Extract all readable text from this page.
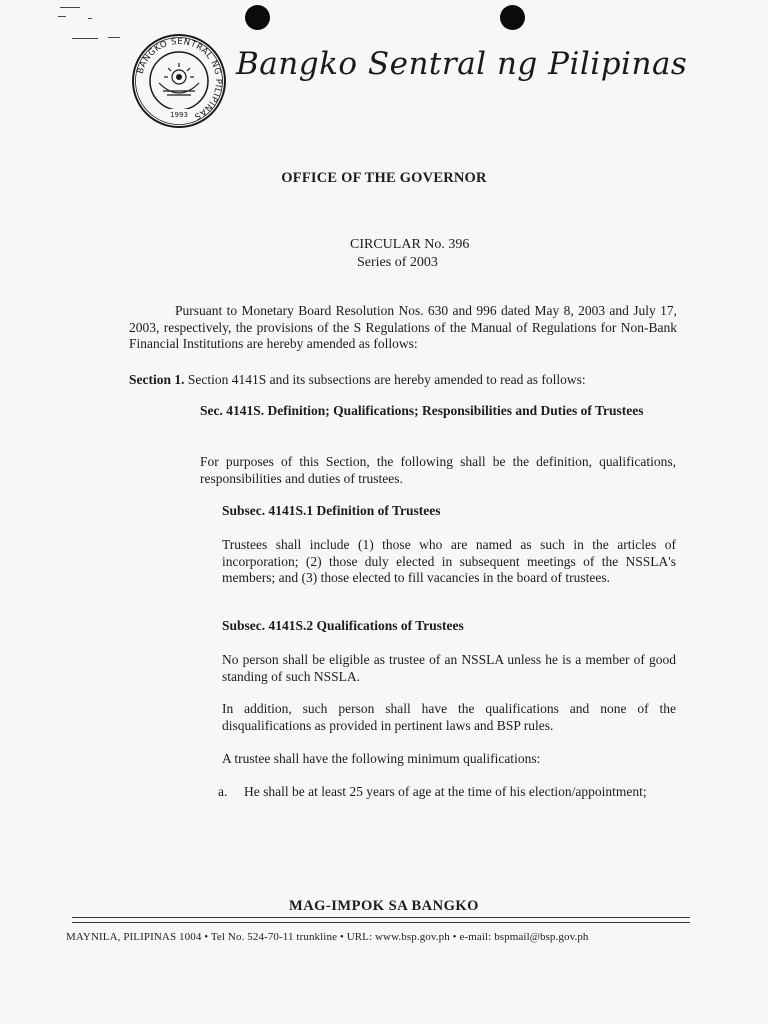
BANGKO SENTRAL NG PILIPINAS
1993
Bangko Sentral ng Pilipinas
OFFICE OF THE GOVERNOR
CIRCULAR No. 396
Series of 2003
Pursuant to Monetary Board Resolution Nos. 630 and 996 dated May 8, 2003 and July 17, 2003, respectively, the provisions of the S Regulations of the Manual of Regulations for Non-Bank Financial Institutions are hereby amended as follows:
Section 1. Section 4141S and its subsections are hereby amended to read as follows:
Sec. 4141S. Definition; Qualifications; Responsibilities and Duties of Trustees
For purposes of this Section, the following shall be the definition, qualifications, responsibilities and duties of trustees.
Subsec. 4141S.1 Definition of Trustees
Trustees shall include (1) those who are named as such in the articles of incorporation; (2) those duly elected in subsequent meetings of the NSSLA's members; and (3) those elected to fill vacancies in the board of trustees.
Subsec. 4141S.2 Qualifications of Trustees
No person shall be eligible as trustee of an NSSLA unless he is a member of good standing of such NSSLA.
In addition, such person shall have the qualifications and none of the disqualifications as provided in pertinent laws and BSP rules.
A trustee shall have the following minimum qualifications:
a. He shall be at least 25 years of age at the time of his election/appointment;
MAG-IMPOK SA BANGKO
MAYNILA, PILIPINAS 1004 • Tel No. 524-70-11 trunkline • URL: www.bsp.gov.ph • e-mail: bspmail@bsp.gov.ph
